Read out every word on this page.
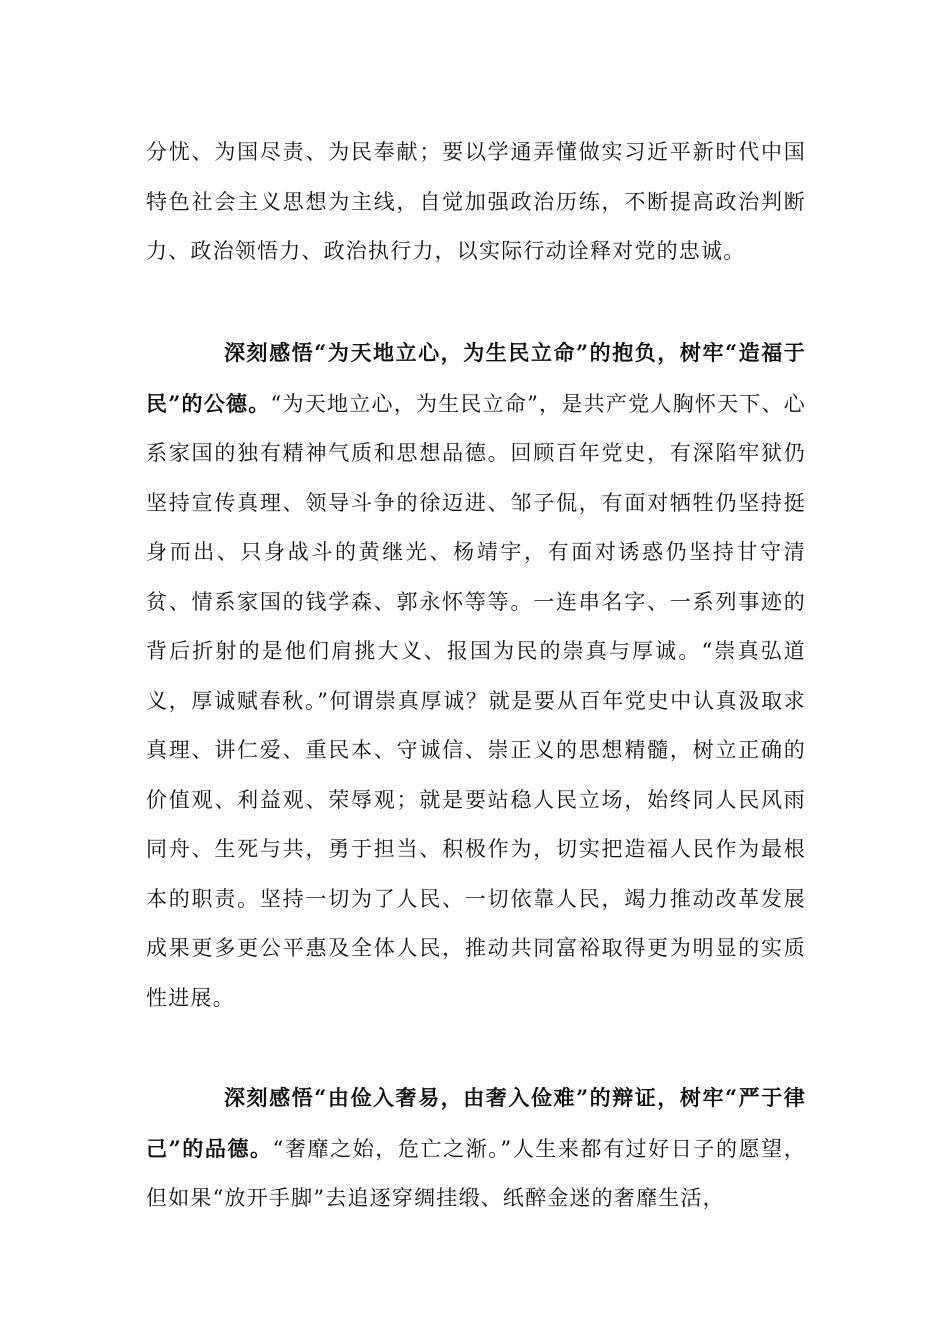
分忧、为国尽责、为民奉献；要以学通弄懂做实习近平新时代中国特色社会主义思想为主线，自觉加强政治历练，不断提高政治判断力、政治领悟力、政治执行力，以实际行动诠释对党的忠诚。

深刻感悟“为天地立心，为生民立命”的抱负，树牢“造福于民”的公德。“为天地立心，为生民立命”，是共产党人胸怀天下、心系家国的独有精神气质和思想品德。回顾百年党史，有深陷牢狱仍坚持宣传真理、领导斗争的徐迈进、邹子侃，有面对牺牲仍坚持挺身而出、只身战斗的黄继光、杨靖宇，有面对诱惑仍坚持甘守清贫、情系家国的钱学森、郭永怀等等。一连串名字、一系列事迹的背后折射的是他们肩挑大义、报国为民的崇真与厚诚。“崇真弘道义，厚诚赋春秋。”何谓崇真厚诚？就是要从百年党史中认真汲取求真理、讲仁爱、重民本、守诚信、崇正义的思想精髓，树立正确的价值观、利益观、荣辱观；就是要站稳人民立场，始终同人民风雨同舟、生死与共，勇于担当、积极作为，切实把造福人民作为最根本的职责。坚持一切为了人民、一切依靠人民，竭力推动改革发展成果更多更公平惠及全体人民，推动共同富裕取得更为明显的实质性进展。

深刻感悟“由俭入奢易，由奢入俭难”的辩证，树牢“严于律己”的品德。“奢靡之始，危亡之渐。”人生来都有过好日子的愿望，但如果“放开手脚”去追逐穿绸挂缎、纸醉金迷的奢靡生活，
